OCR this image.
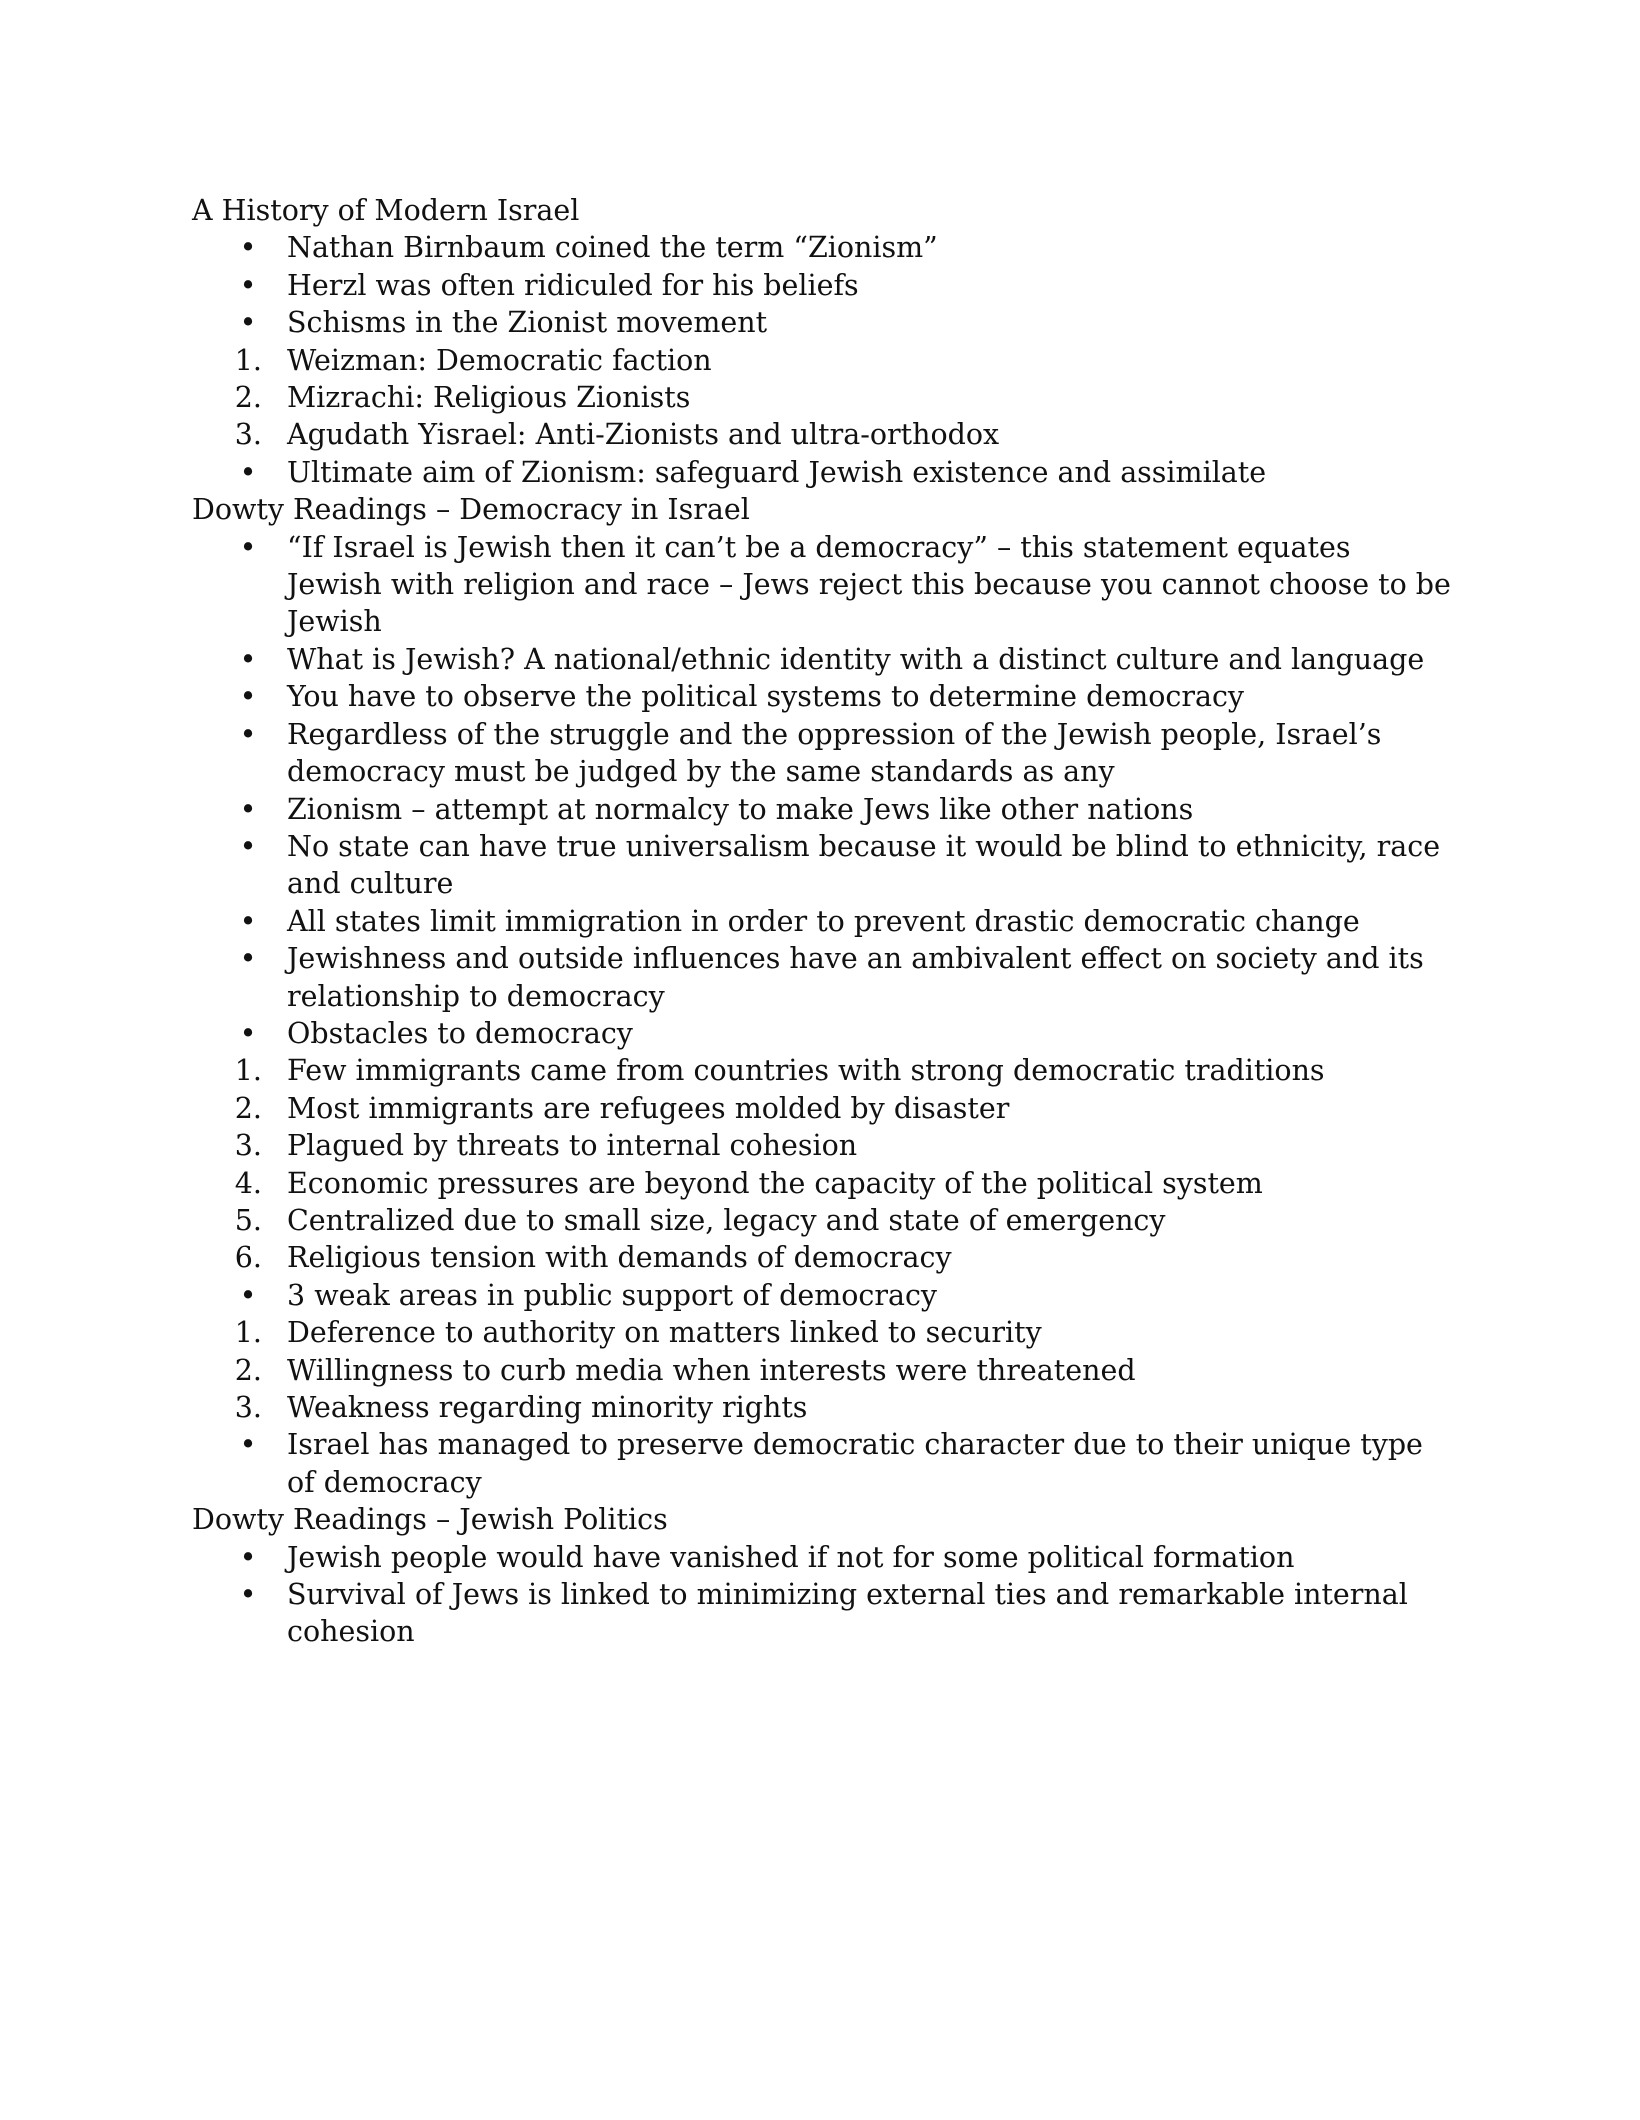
A History of Modern Israel
•	Nathan Birnbaum coined the term “Zionism”
•	Herzl was often ridiculed for his beliefs
•	Schisms in the Zionist movement
1. Weizman: Democratic faction
2. Mizrachi: Religious Zionists
3. Agudath Yisrael: Anti-Zionists and ultra-orthodox
•	Ultimate aim of Zionism: safeguard Jewish existence and assimilate
Dowty Readings – Democracy in Israel
•	“If Israel is Jewish then it can’t be a democracy” – this statement equates Jewish with religion and race – Jews reject this because you cannot choose to be Jewish
•	What is Jewish? A national/ethnic identity with a distinct culture and language
•	You have to observe the political systems to determine democracy
•	Regardless of the struggle and the oppression of the Jewish people, Israel’s democracy must be judged by the same standards as any
•	Zionism – attempt at normalcy to make Jews like other nations
•	No state can have true universalism because it would be blind to ethnicity, race and culture
•	All states limit immigration in order to prevent drastic democratic change
•	Jewishness and outside influences have an ambivalent effect on society and its relationship to democracy
•	Obstacles to democracy
1. Few immigrants came from countries with strong democratic traditions
2. Most immigrants are refugees molded by disaster
3. Plagued by threats to internal cohesion
4. Economic pressures are beyond the capacity of the political system
5. Centralized due to small size, legacy and state of emergency
6. Religious tension with demands of democracy
•	3 weak areas in public support of democracy
1. Deference to authority on matters linked to security
2. Willingness to curb media when interests were threatened
3. Weakness regarding minority rights
•	Israel has managed to preserve democratic character due to their unique type of democracy
Dowty Readings – Jewish Politics
•	Jewish people would have vanished if not for some political formation
•	Survival of Jews is linked to minimizing external ties and remarkable internal cohesion
